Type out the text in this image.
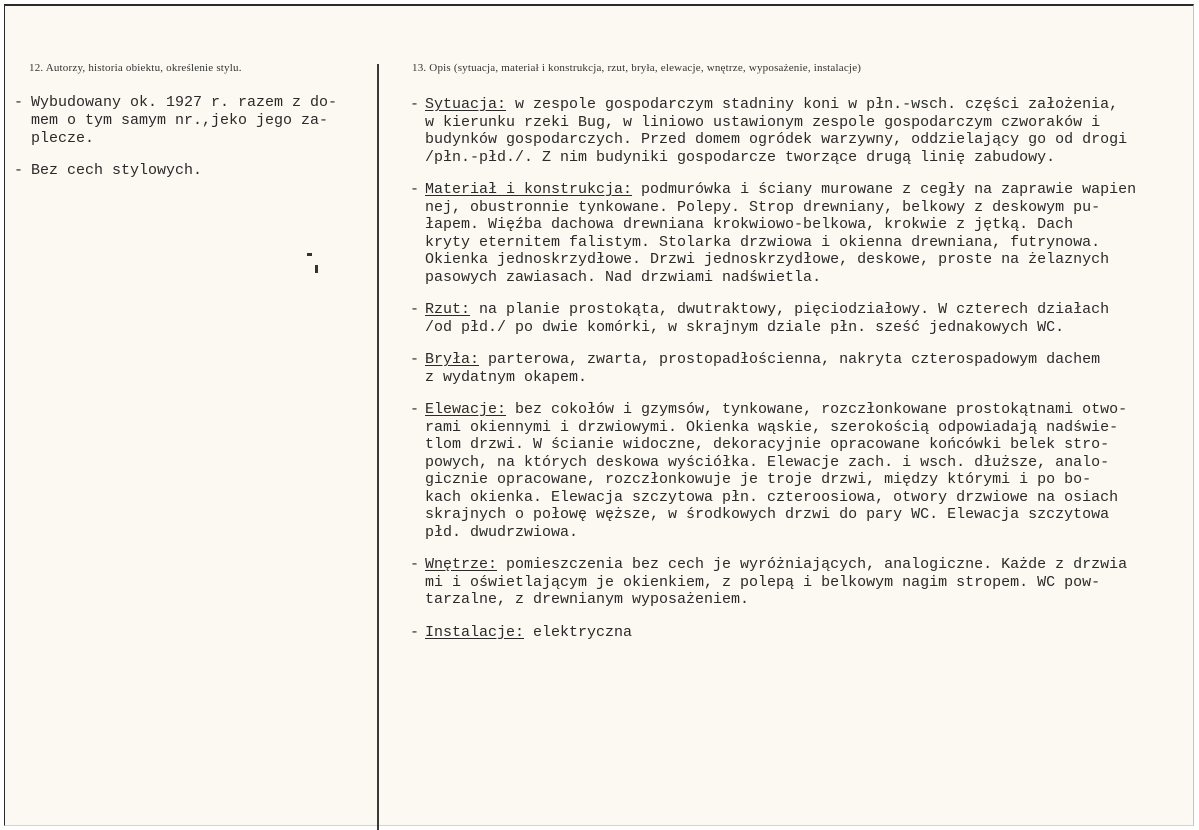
12. Autorzy, historia obiektu, określenie stylu.	13. Opis (sytuacja, materiał i konstrukcja, rzut, bryła, elewacje, wnętrze, wyposażenie, instalacje)
- Wybudowany ok. 1927 r. razem z do-
mem o tym samym nr.,jeko jego za-
plecze.
- Bez cech stylowych.
- Sytuacja: w zespole gospodarczym stadniny koni w płn.-wsch. części założenia,
w kierunku rzeki Bug, w liniowo ustawionym zespole gospodarczym czworaków i
budynków gospodarczych. Przed domem ogródek warzywny, oddzielający go od drogi
/płn.-płd./. Z nim budyniki gospodarcze tworzące drugą linię zabudowy.
- Materiał i konstrukcja: podmurówka i ściany murowane z cegły na zaprawie wapien
nej, obustronnie tynkowane. Polepy. Strop drewniany, belkowy z deskowym pu-
łapem. Więźba dachowa drewniana krokwiowo-belkowa, krokwie z jętką. Dach
kryty eternitem falistym. Stolarka drzwiowa i okienna drewniana, futrynowa.
Okienka jednoskrzydłowe. Drzwi jednoskrzydłowe, deskowe, proste na żelaznych
pasowych zawiasach. Nad drzwiami nadświetla.
- Rzut: na planie prostokąta, dwutraktowy, pięciodziałowy. W czterech działach
/od płd./ po dwie komórki, w skrajnym dziale płn. sześć jednakowych WC.
- Bryła: parterowa, zwarta, prostopadłościenna, nakryta czterospadowym dachem
z wydatnym okapem.
- Elewacje: bez cokołów i gzymsów, tynkowane, rozczłonkowane prostokątnami otwo-
rami okiennymi i drzwiowymi. Okienka wąskie, szerokością odpowiadają nadświe-
tlom drzwi. W ścianie widoczne, dekoracyjnie opracowane końcówki belek stro-
powych, na których deskowa wyściółka. Elewacje zach. i wsch. dłuższe, analo-
gicznie opracowane, rozczłonkowuje je troje drzwi, między którymi i po bo-
kach okienka. Elewacja szczytowa płn. czteroosiowa, otwory drzwiowe na osiach
skrajnych o połowę węższe, w środkowych drzwi do pary WC. Elewacja szczytowa
płd. dwudrzwiowa.
- Wnętrze: pomieszczenia bez cech je wyróżniających, analogiczne. Każde z drzwia
mi i oświetlającym je okienkiem, z polepą i belkowym nagim stropem. WC pow-
tarzalne, z drewnianym wyposażeniem.
- Instalacje: elektryczna
